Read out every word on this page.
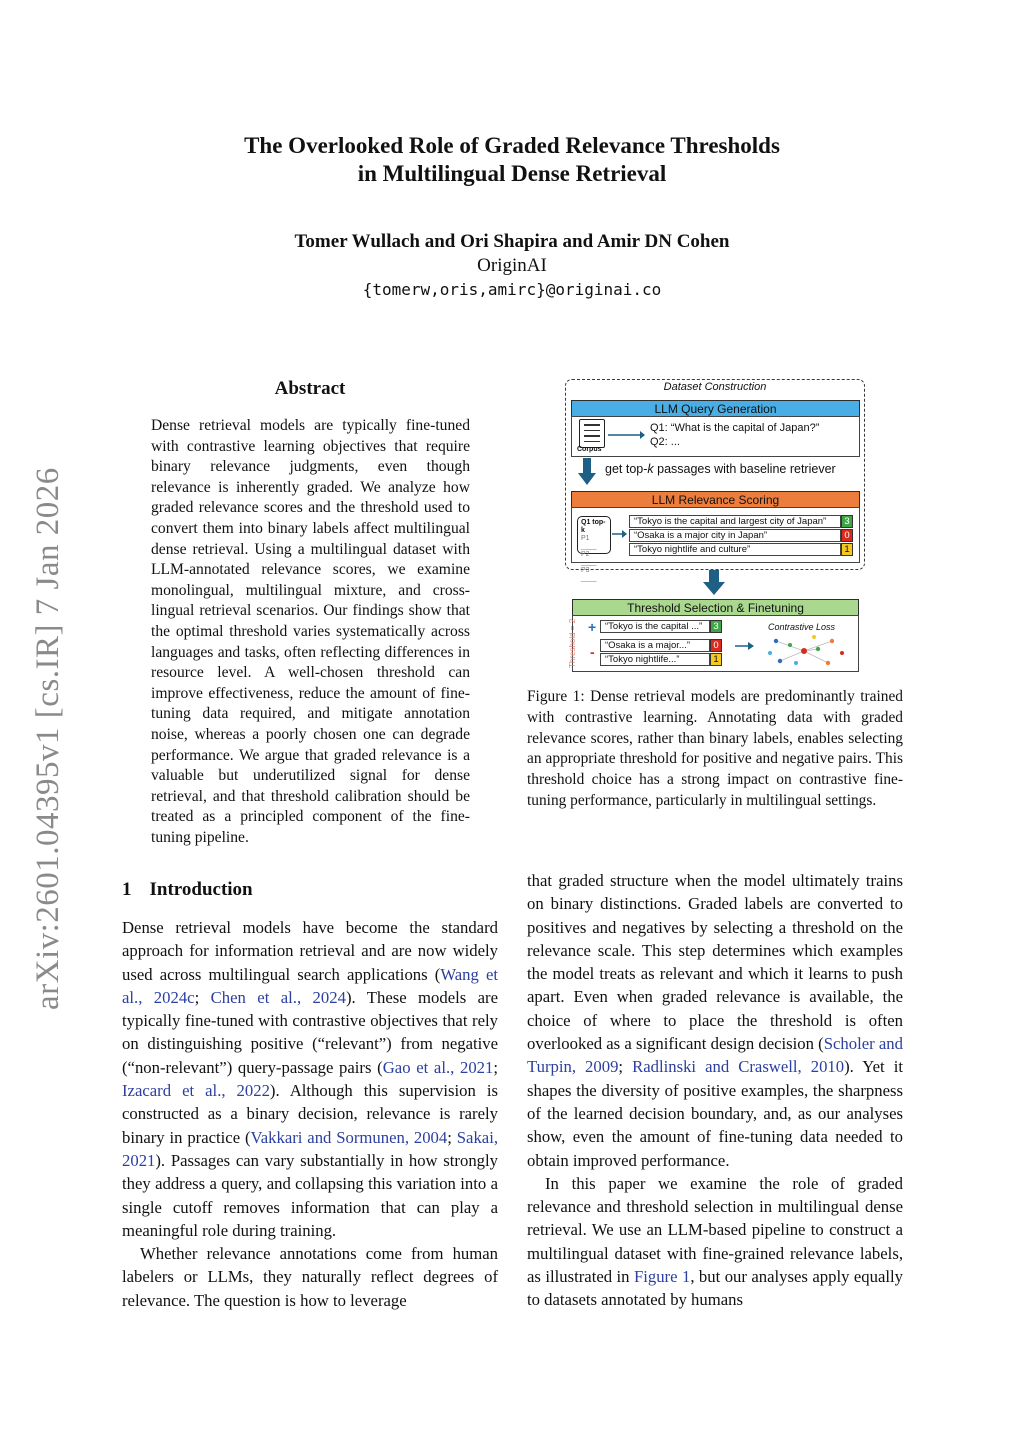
arXiv:2601.04395v1 [cs.IR] 7 Jan 2026
The Overlooked Role of Graded Relevance Thresholds
in Multilingual Dense Retrieval
Tomer Wullach and Ori Shapira and Amir DN Cohen
OriginAI
{tomerw,oris,amirc}@originai.co
Abstract
Dense retrieval models are typically fine-tuned with contrastive learning objectives that require binary relevance judgments, even though relevance is inherently graded. We analyze how graded relevance scores and the threshold used to convert them into binary labels affect multilingual dense retrieval. Using a multilingual dataset with LLM-annotated relevance scores, we examine monolingual, multilingual mixture, and cross-lingual retrieval scenarios. Our findings show that the optimal threshold varies systematically across languages and tasks, often reflecting differences in resource level. A well-chosen threshold can improve effectiveness, reduce the amount of fine-tuning data required, and mitigate annotation noise, whereas a poorly chosen one can degrade performance. We argue that graded relevance is a valuable but underutilized signal for dense retrieval, and that threshold calibration should be treated as a principled component of the fine-tuning pipeline.
1 Introduction

Dense retrieval models have become the standard approach for information retrieval and are now widely used across multilingual search applications (Wang et al., 2024c; Chen et al., 2024). These models are typically fine-tuned with contrastive objectives that rely on distinguishing positive (“relevant”) from negative (“non-relevant”) query-passage pairs (Gao et al., 2021; Izacard et al., 2022). Although this supervision is constructed as a binary decision, relevance is rarely binary in practice (Vakkari and Sormunen, 2004; Sakai, 2021). Passages can vary substantially in how strongly they address a query, and collapsing this variation into a single cutoff removes information that can play a meaningful role during training.

Whether relevance annotations come from human labelers or LLMs, they naturally reflect degrees of relevance. The question is how to leverage

that graded structure when the model ultimately trains on binary distinctions. Graded labels are converted to positives and negatives by selecting a threshold on the relevance scale. This step determines which examples the model treats as relevant and which it learns to push apart. Even when graded relevance is available, the choice of where to place the threshold is often overlooked as a significant design decision (Scholer and Turpin, 2009; Radlinski and Craswell, 2010). Yet it shapes the diversity of positive examples, the sharpness of the learned decision boundary, and, as our analyses show, even the amount of fine-tuning data needed to obtain improved performance.

In this paper we examine the role of graded relevance and threshold selection in multilingual dense retrieval. We use an LLM-based pipeline to construct a multilingual dataset with fine-grained relevance labels, as illustrated in Figure 1, but our analyses apply equally to datasets annotated by humans

Dataset Construction
LLM Query Generation
Corpus
Q1: “What is the capital of Japan?”
Q2: ...
get top-k passages with baseline retriever
LLM Relevance Scoring
Q1 top-k
P1 ____
P2 ____
P3 ____
“Tokyo is the capital and largest city of Japan”	3
“Osaka is a major city in Japan”	0
“Tokyo nightlife and culture”	1
Threshold Selection & Finetuning
Threshold = 2 +
-
“Tokyo is the capital ...”	3
“Osaka is a major...”	0
“Tokyo nightlife...”	1
Contrastive Loss
Figure 1: Dense retrieval models are predominantly trained with contrastive learning. Annotating data with graded relevance scores, rather than binary labels, enables selecting an appropriate threshold for positive and negative pairs. This threshold choice has a strong impact on contrastive fine-tuning performance, particularly in multilingual settings.
